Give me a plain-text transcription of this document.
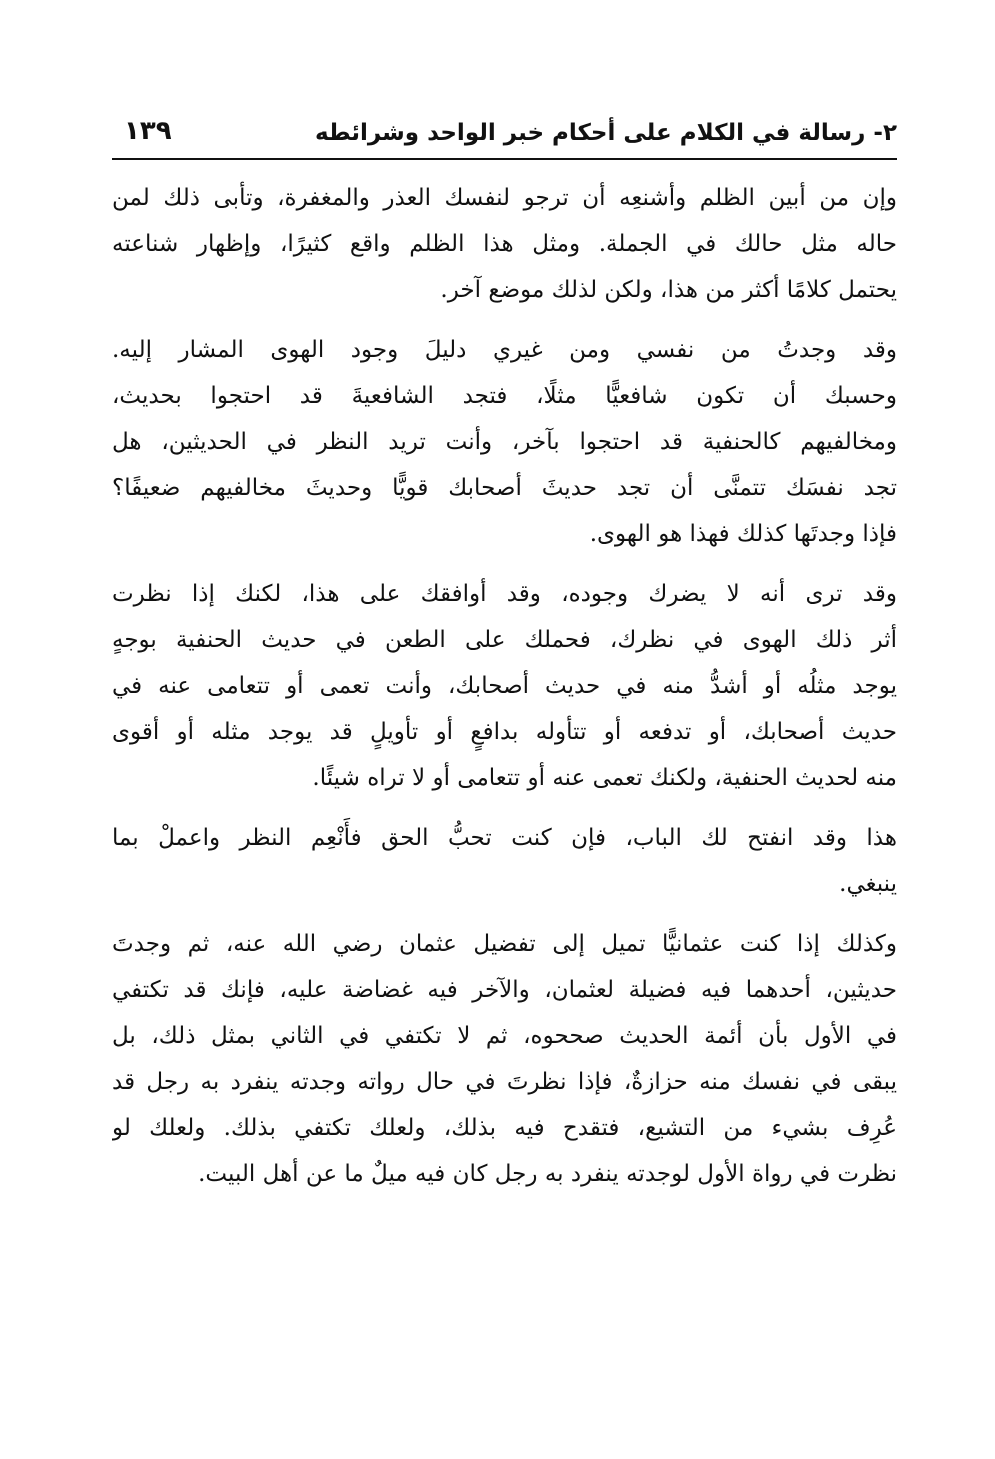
٢- رسالة في الكلام على أحكام خبر الواحد وشرائطه
١٣٩
وإن من أبين الظلم وأشنعِه أن ترجو لنفسك العذر والمغفرة، وتأبى ذلك لمن
حاله مثل حالك في الجملة. ومثل هذا الظلم واقع كثيرًا، وإظهار شناعته
يحتمل كلامًا أكثر من هذا، ولكن لذلك موضع آخر.
وقد وجدتُ من نفسي ومن غيري دليلَ وجود الهوى المشار إليه.
وحسبك أن تكون شافعيًّا مثلًا، فتجد الشافعيةَ قد احتجوا بحديث،
ومخالفيهم كالحنفية قد احتجوا بآخر، وأنت تريد النظر في الحديثين، هل
تجد نفسَك تتمنَّى أن تجد حديثَ أصحابك قويًّا وحديثَ مخالفيهم ضعيفًا؟
فإذا وجدتَها كذلك فهذا هو الهوى.
وقد ترى أنه لا يضرك وجوده، وقد أوافقك على هذا، لكنك إذا نظرت
أثر ذلك الهوى في نظرك، فحملك على الطعن في حديث الحنفية بوجهٍ
يوجد مثلُه أو أشدُّ منه في حديث أصحابك، وأنت تعمى أو تتعامى عنه في
حديث أصحابك، أو تدفعه أو تتأوله بدافعٍ أو تأويلٍ قد يوجد مثله أو أقوى
منه لحديث الحنفية، ولكنك تعمى عنه أو تتعامى أو لا تراه شيئًا.
هذا وقد انفتح لك الباب، فإن كنت تحبُّ الحق فأَنْعِم النظر واعملْ بما
ينبغي.
وكذلك إذا كنت عثمانيًّا تميل إلى تفضيل عثمان رضي الله عنه، ثم وجدتَ
حديثين، أحدهما فيه فضيلة لعثمان، والآخر فيه غضاضة عليه، فإنك قد تكتفي
في الأول بأن أئمة الحديث صححوه، ثم لا تكتفي في الثاني بمثل ذلك، بل
يبقى في نفسك منه حزازةٌ، فإذا نظرتَ في حال رواته وجدته ينفرد به رجل قد
عُرِف بشيء من التشيع، فتقدح فيه بذلك، ولعلك تكتفي بذلك. ولعلك لو
نظرت في رواة الأول لوجدته ينفرد به رجل كان فيه ميلٌ ما عن أهل البيت.
